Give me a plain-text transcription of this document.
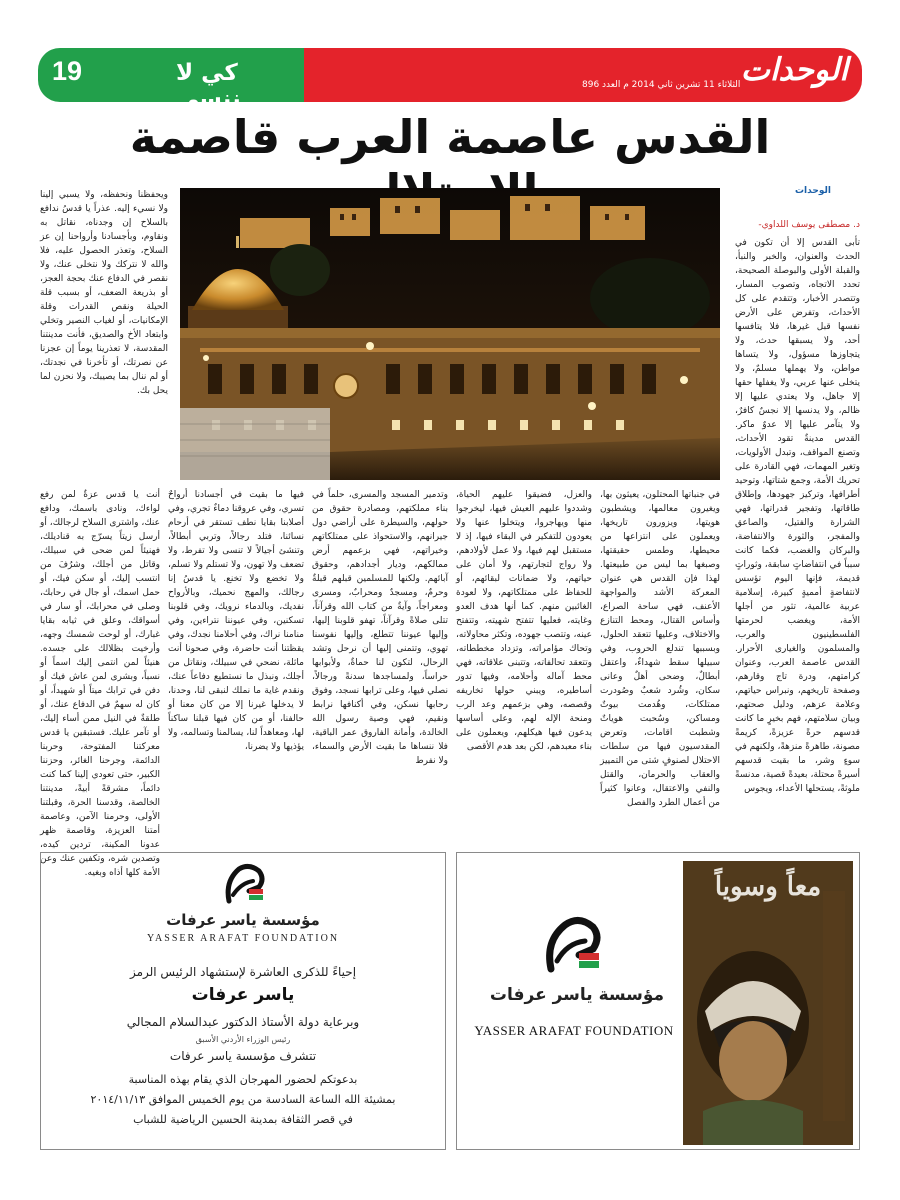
19	كي لا ننسى
الثلاثاء 11 تشرين ثاني 2014 م العدد 896 الوحدات
القدس عاصمة العرب قاصمة
الوحدات
د. مصطفى يوسف اللداوي-

تأبى القدس إلا أن تكون في الحدث والعنوان، والخبر والنبأ، والقبلة الأولى والبوصلة الصحيحة، تحدد الاتجاه، وتصوب المسار، وتتصدر الأخبار، وتتقدم على كل الأحداث، وتفرض على الأرض نفسها قبل غيرها، فلا يتافسها أحد، ولا يسبقها حدث، ولا يتجاوزها مسؤول، ولا يتساها مواطن، ولا يهملها مسلمٌ، ولا يتخلى عنها عربي، ولا يغفلها حقها إلا جاهل، ولا يعتدي عليها إلا ظالم، ولا يدنسها إلا نجسٌ كافرٌ، ولا يتآمر عليها إلا عدوٌ ماكر. القدس مدينةٌ تقود الأحداث، وتصنع المواقف، وتبدل الأولويات، وتغير المهمات، فهي القادرة على تحريك الأمة، وجمع شتاتها، وتوحيد أطرافها، وتركيز جهودها، وإطلاق طاقاتها، وتفجير قدراتها، فهي الشرارة والفتيل، والصاعق والمفجر، والثورة والانتفاضة، والبركان والغضب، فكما كانت سبباً في انتفاضاتٍ سابقة، وثوراتٍ قديمة، فإنها اليوم تؤسس لانتفاضةٍ أمميةٍ كبيرة، إسلامية عربية عالمية، تثور من أجلها الأمة، ويغضب لحرمتها الفلسطينيون والعرب، والمسلمون والغيارى الأحرار. القدس عاصمة العرب، وعنوان كرامتهم، ودرة تاج وقارهم، وصفحة تاريخهم، ونبراس حياتهم، وعلامة عزهم، ودليل صحتهم، وبيان سلامتهم، فهم بخيرٍ ما كانت قدسهم حرةً عزيزةً، كريمةً مصونة، طاهرةً منزهةً، ولكنهم في سوءٍ وشر، ما بقيت قدسهم أسيرةً محتلة، بعيدةً قصية، مدنسةً ملوثةً، يستحلها الأعداء، ويجوس

ويحفظنا ونحفظه، ولا يسبي إلينا ولا نسيء إليه. عذراً يا قدسُ ندافع بالسلاح إن وجدناه، نقاتل به ونقاوم، وبأجسادنا وأرواحنا إن عز السلاح، وتعذر الحصول عليه، فلا والله لا نتركك ولا نتخلى عنك، ولا نقصر في الدفاع عنك بحجة العجز، أو بذريعة الضعف، أو بسبب قلة الحيلة ونقص القدرات وقلة الإمكانيات، أو لغياب النصير وتخلي وابتعاد الأخ والصديق، فأنت مدينتنا المقدسة، لا تعذرينا يوماً إن عجزنا عن نصرتك، أو تأخرنا في نجدتك، أو لم ننال بما يصيبك، ولا نحزن لما يحل بك.

في جنباتها المحتلون، يعيثون بها، ويغيرون معالمها، ويشطبون هويتها، ويزورون تاريخها، ويعملون على انتزاعها من محيطها، وطمس حقيقتها، وصبغها بما ليس من طبيعتها. لهذا فإن القدس هي عنوان المعركة الأشد والمواجهة الأعنف، فهي ساحة الصراع، وأساس القتال، ومحط التنازع والاختلاف، وعليها تتعقد الحلول، وبسببها تندلع الحروب، وفي سبيلها سقط شهداءٌ، واعتقل أبطالٌ، وضحى أهلٌ وعانى سكان، وشُرد شعبٌ وصُودرت ممتلكات، وهُدمت بيوتٌ ومساكن، وسُحبت هوياتٌ وشطبت اقامات، وتعرض المقدسيون فيها من سلطات الاحتلال لصنوفٍ شتى من التمييز والعقاب والحرمان، والقتل والنفي والاعتقال، وعانوا كثيراً من أعمال الطرد والفصل

والعزل، فضيقوا عليهم الحياة، وشددوا عليهم العيش فيها، ليخرجوا منها ويهاجروا، ويتخلوا عنها ولا يعودون للتفكير في البقاء فيها، إذ لا مستقبل لهم فيها، ولا عمل لأولادهم، ولا رواج لتجارتهم، ولا أمان على حياتهم، ولا ضمانات لبقائهم، أو للحفاظ على ممتلكاتهم، ولا لعودة الغائبين منهم. كما أنها هدف العدو وغايته، فعليها تتفتح شهيته، وتتفتح عينه، وتتصب جهوده، وتكثر محاولاته، وتحاك مؤامراته، وتزداد مخططاته، وتتعقد تحالفاته، وتتبنى علاقاته، فهي محط آماله وأحلامه، وفيها تدور أساطيره، ويبني حولها تخاريفه وقصصه، وهي بزعمهم وعد الرب ومنحة الإله لهم، وعلى أساسها يدعون فيها هيكلهم، ويعملون على بناء معبدهم، لكن بعد هدم الأقصى

وتدمير المسجد والمسرى، حلماً في بناء مملكتهم، ومصادرة حقوق من حولهم، والسيطرة على أراضي دول جيرانهم، والاستحواذ على ممتلكاتهم وخيراتهم، فهي بزعمهم أرض ممالكهم، وديار أجدادهم، وحقوق آبائهم. ولكنها للمسلمين قبلهم قبلةٌ وحرمٌ، ومسجدٌ ومحرابٌ، ومسرى ومعراجاً، وآيةٌ من كتاب الله وقرآناً، تتلى صلاةً وقرآناً، تهفو قلوبنا إليها، وإليها عيوننا تتطلع، وإليها نفوسنا تهوي، وتتمنى إليها أن نرحل وتشد الرحال، لتكون لنا حماةٌ، ولأبوابها حراساً، ولمساجدها سدنةً ورجالاً، نصلي فيها، وعلى ترابها نسجد، وفوق رحابها نسكن، وفي أكنافها نرابط ونقيم، فهي وصية رسول الله الخالدة، وأمانة الفاروق عمر الباقية، فلا ننساها ما بقيت الأرض والسماء، ولا نفرط

فيها ما بقيت في أجسادنا أرواحٌ تسري، وفي عروقنا دماءٌ تجري، وفي أصلابنا بقايا نطف تستقر في أرحام نسائنا، فتلد رجالاً، وتربي أبطالاً، وتنشئ أجيالاً لا تنسى ولا تفرط، ولا تضعف ولا تهون، ولا تستلم ولا تسلم، ولا تخضع ولا تخنع. يا قدسُ إنا رجالك، والمهج نحميك، وبالأرواح نفديك، وبالدماء نرويك، وفي قلوبنا تسكنين، وفي عيوننا نتراءين، وفي منامنا نراك، وفي أحلامنا نجدك، وفي يقظتنا أنت حاضرة، وفي صحونا أنت ماثلة، نضحي في سبيلك، ونقاتل من أجلك، ونبذل ما نستطيع دفاعاً عنك، ونقدم غاية ما نملك لنبقى لنا، وحدنا، لا يدخلها غيرنا إلا من كان معنا أو حالفنا، أو من كان فيها قبلنا ساكناً لها، ومعاهداً لنا، يسالمنا وتسالمه، ولا يؤذيها ولا يضرنا،

أنت يا قدس عزةٌ لمن رفع لواءك، ونادى باسمك، ودافع عنك، واشترى السلاح لرجالك، أو أرسل زيتاً يسرّج به قناديلك، فهنيئاً لمن ضحى في سبيلك، وقاتل من أجلك، وشرُفَ من انتسب إليك، أو سكن فيك، أو حمل اسمك، أو جال في رحابك، وصلى في محرابك، أو سار في أسواقك، وعلق في ثيابه بقايا غبارك، أو لوحت شمسك وجهه، وأرخيت بظلالك على جسده. هنيئاً لمن انتمى إليك اسماً أو نسباً، وبشرى لمن عاش فيك أو دفن في ترابك ميتاً أو شهيداً، أو كان له سهمٌ في الدفاع عنك، أو طلقةٌ في النيل ممن أساء إليك، أو تآمر عليك. فستبقين يا قدس معركتنا المفتوحة، وحربنا الدائمة، وجرحنا الغائر، وحزننا الكبير، حتى تعودي إلينا كما كنت دائماً، مشرقةً أبيةً، مدينتنا الخالصة، وقدسنا الحرة، وقبلتنا الأولى، وحرمنا الآمن، وعاصمة أمتنا العزيزة، وقاصمة ظهر عدونا المكينة، تردين كيده، وتصدين شره، وتكفين عنك وعن الأمة كلها أذاه وبغيه.

مؤسسة ياسر عرفات
YASSER ARAFAT FOUNDATION
إحياءً للذكرى العاشرة لإستشهاد الرئيس الرمز
ياسر عرفات
وبرعاية دولة الأستاذ الدكتور عبدالسلام المجالي
رئيس الوزراء الأردني الأسبق
تتشرف مؤسسة ياسر عرفات
بدعوتكم لحضور المهرجان الذي يقام بهذه المناسبة
بمشيئة الله الساعة السادسة من يوم الخميس الموافق ٢٠١٤/١١/١٣
في قصر الثقافة بمدينة الحسين الرياضية للشباب
مؤسسة ياسر عرفات
YASSER ARAFAT FOUNDATION
معاً وسوياً
